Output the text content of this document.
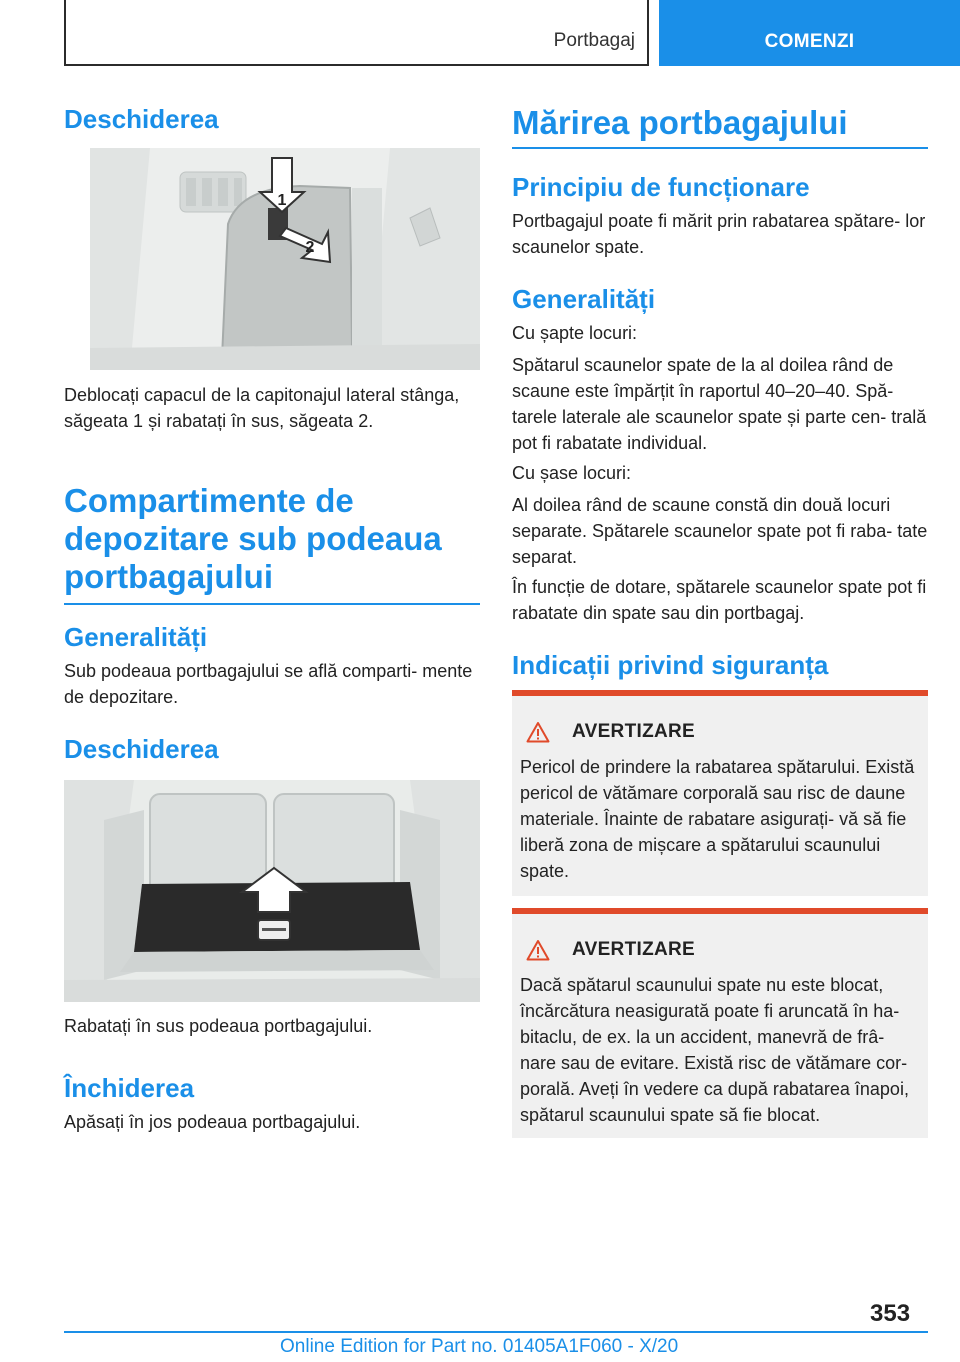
Portbagaj	COMENZI
Deschiderea
1
2

Deblocați capacul de la capitonajul lateral stânga, săgeata 1 și rabatați în sus, săgeata 2.

Compartimente de
depozitare sub podeaua
portbagajului
Generalități

Sub podeaua portbagajului se află comparti- mente de depozitare.

Deschiderea

Rabatați în sus podeaua portbagajului.

Închiderea

Apăsați în jos podeaua portbagajului.

Mărirea portbagajului
Principiu de funcționare

Portbagajul poate fi mărit prin rabatarea spătare- lor scaunelor spate.

Generalități

Cu șapte locuri:

Spătarul scaunelor spate de la al doilea rând de scaune este împărțit în raportul 40–20–40. Spă- tarele laterale ale scaunelor spate și parte cen- trală pot fi rabatate individual.

Cu șase locuri:

Al doilea rând de scaune constă din două locuri separate. Spătarele scaunelor spate pot fi raba- tate separat.

În funcție de dotare, spătarele scaunelor spate pot fi rabatate din spate sau din portbagaj.

Indicații privind siguranța
AVERTIZARE

Pericol de prindere la rabatarea spătarului. Există pericol de vătămare corporală sau risc de daune materiale. Înainte de rabatare asigurați- vă să fie liberă zona de mișcare a spătarului scaunului spate.

AVERTIZARE

Dacă spătarul scaunului spate nu este blocat, încărcătura neasigurată poate fi aruncată în ha- bitaclu, de ex. la un accident, manevră de frâ- nare sau de evitare. Există risc de vătămare cor- porală. Aveți în vedere ca după rabatarea înapoi, spătarul scaunului spate să fie blocat.

353
Online Edition for Part no. 01405A1F060 - X/20
